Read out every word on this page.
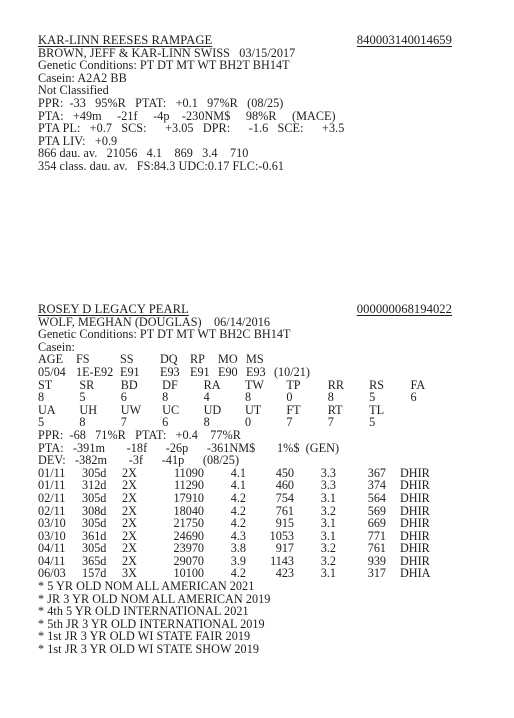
KAR-LINN REESES RAMPAGE	840003140014659
BROWN, JEFF & KAR-LINN SWISS   03/15/2017
Genetic Conditions: PT DT MT WT BH2T BH14T
Casein: A2A2 BB
Not Classified
PPR:  -33   95%R   PTAT:   +0.1   97%R   (08/25)
PTA:   +49m     -21f     -4p    -230NM$     98%R     (MACE)
PTA PL:   +0.7   SCS:      +3.05   DPR:      -1.6   SCE:      +3.5
PTA LIV:   +0.9
866 dau. av.   21056   4.1    869   3.4    710
354 class. dau. av.   FS:84.3 UDC:0.17 FLC:-0.61
ROSEY D LEGACY PEARL	000000068194022
WOLF, MEGHAN (DOUGLAS)    06/14/2016
Genetic Conditions: PT DT MT WT BH2C BH14T
Casein:
AGE	FS	SS	DQ	RP	MO	MS		
05/04	1E-E92	E91	E93	E91	E90	E93	(10/21)	
ST	SR	BD	DF	RA	TW	TP	RR	RS	FA
8	5	6	8	4	8	0	8	5	6
UA	UH	UW	UC	UD	UT	FT	RT	TL	
5	8	7	6	8	0	7	7	5	
PPR:  -68   71%R   PTAT:   +0.4    77%R
PTA:   -391m       -18f      -26p      -361NM$       1%$  (GEN)
DEV:   -382m       -3f      -41p      (08/25)
01/11	305d	2X	11090	4.1	450	3.3	367	DHIR
01/11	312d	2X	11290	4.1	460	3.3	374	DHIR
02/11	305d	2X	17910	4.2	754	3.1	564	DHIR
02/11	308d	2X	18040	4.2	761	3.2	569	DHIR
03/10	305d	2X	21750	4.2	915	3.1	669	DHIR
03/10	361d	2X	24690	4.3	1053	3.1	771	DHIR
04/11	305d	2X	23970	3.8	917	3.2	761	DHIR
04/11	365d	2X	29070	3.9	1143	3.2	939	DHIR
06/03	157d	3X	10100	4.2	423	3.1	317	DHIA
* 5 YR OLD NOM ALL AMERICAN 2021
* JR 3 YR OLD NOM ALL AMERICAN 2019
* 4th 5 YR OLD INTERNATIONAL 2021
* 5th JR 3 YR OLD INTERNATIONAL 2019
* 1st JR 3 YR OLD WI STATE FAIR 2019
* 1st JR 3 YR OLD WI STATE SHOW 2019
